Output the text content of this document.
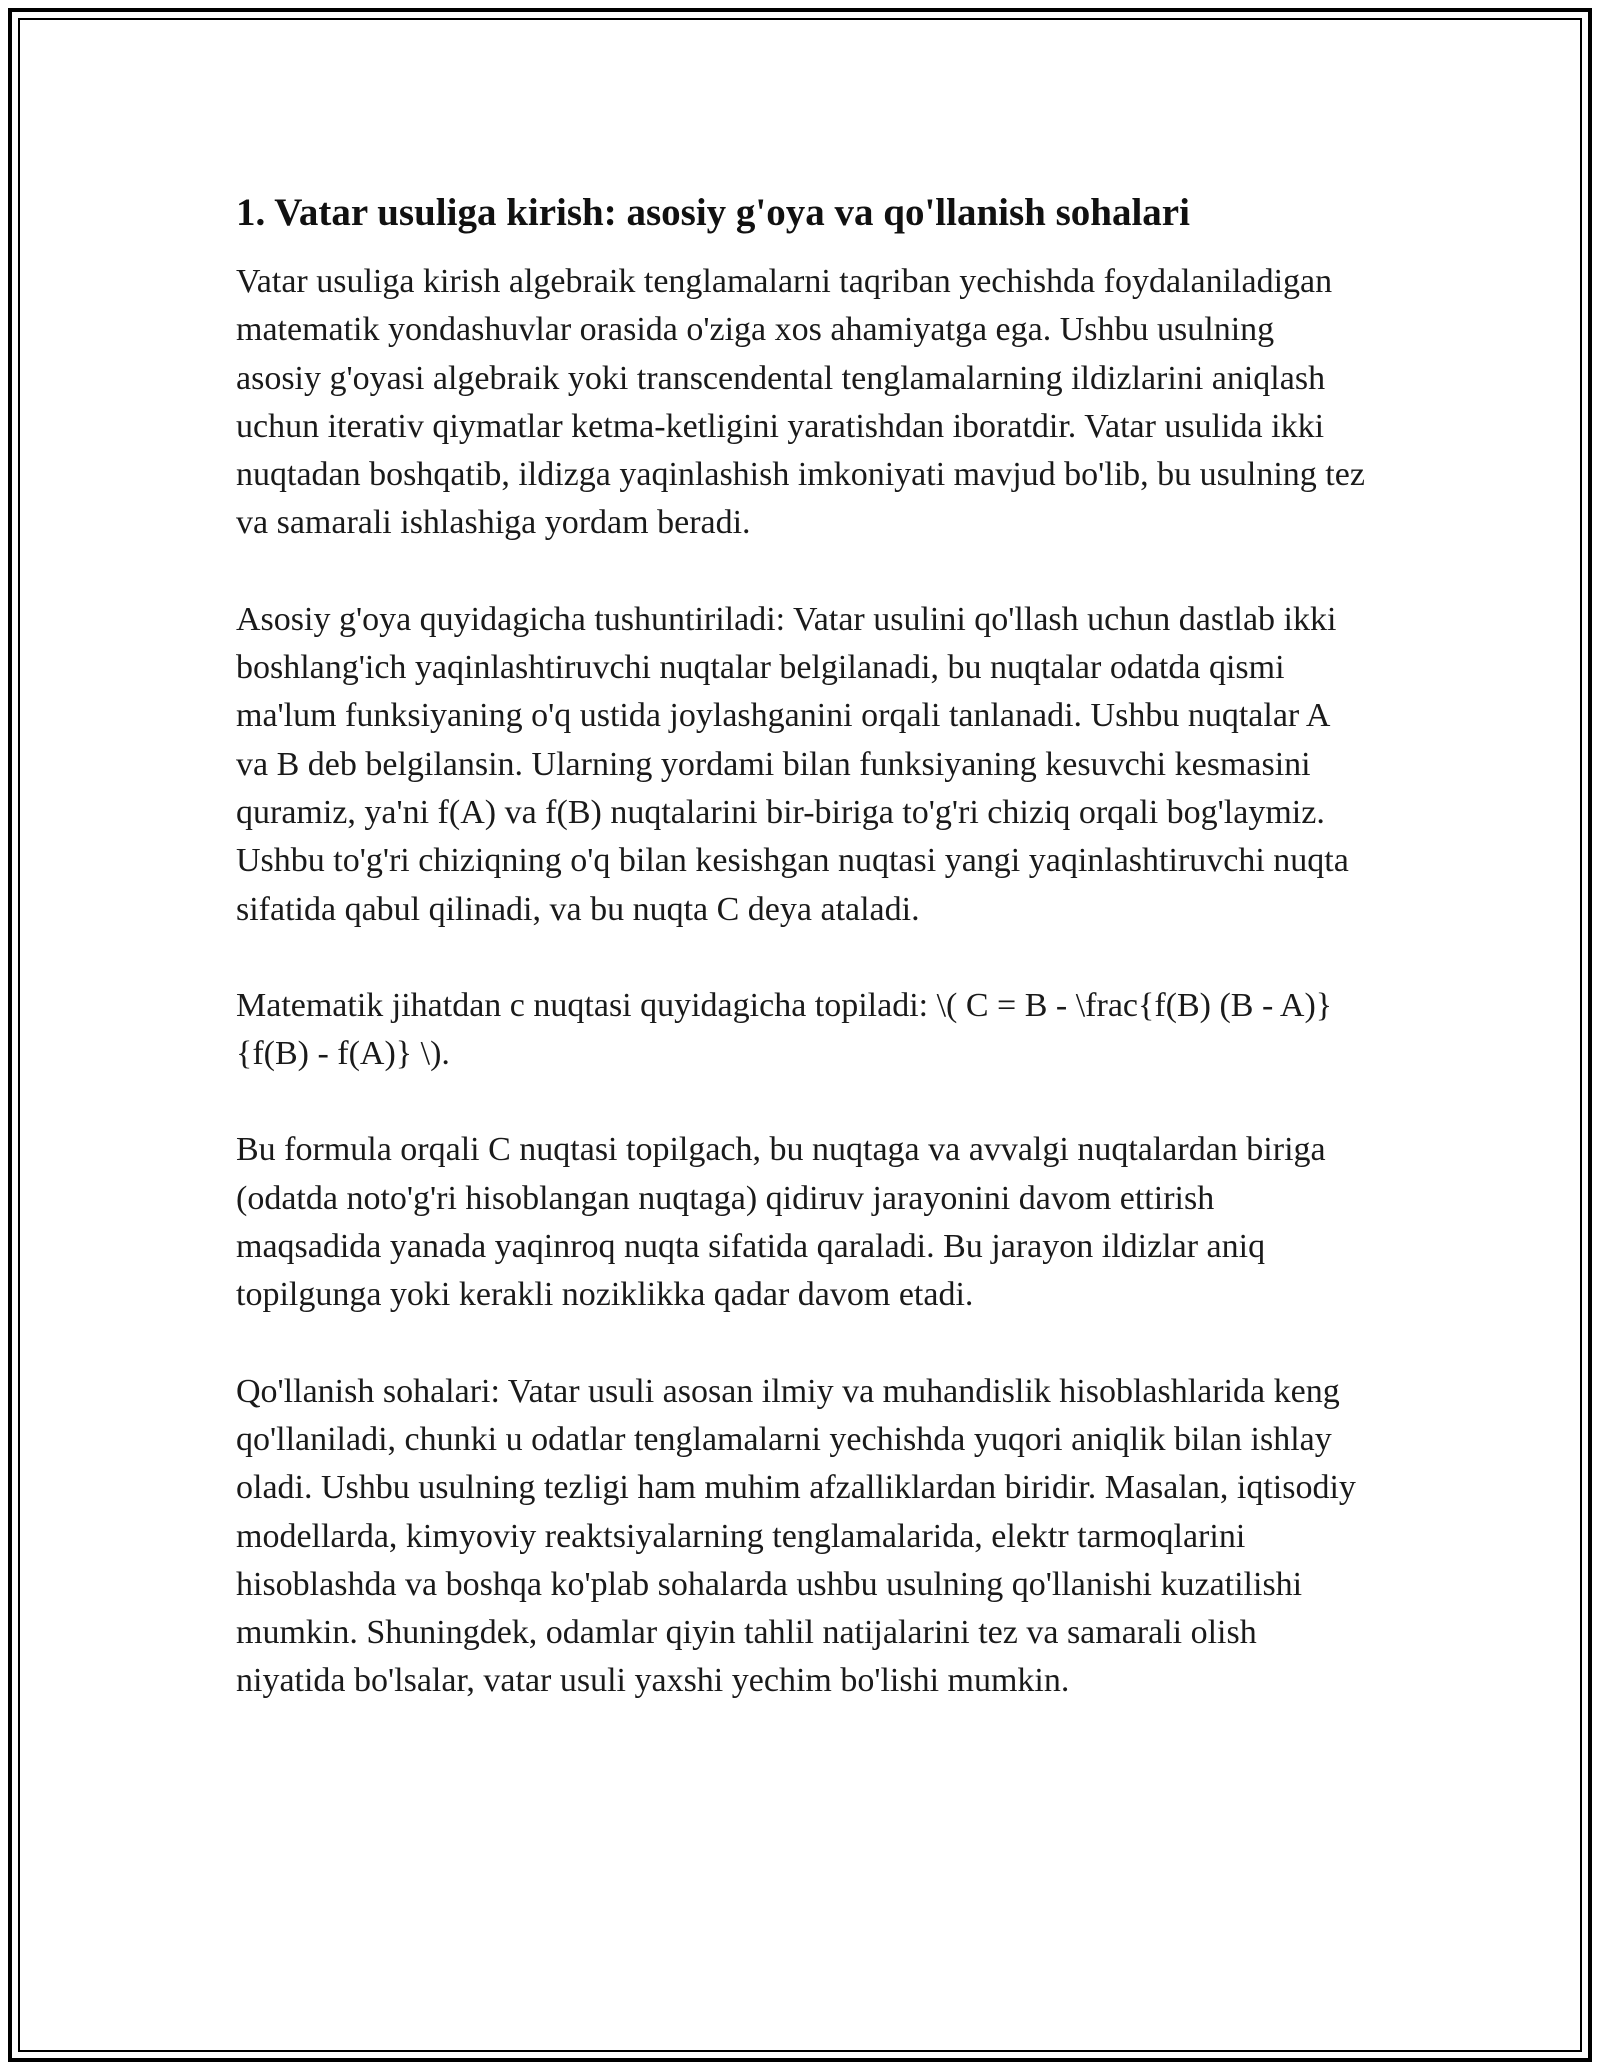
1. Vatar usuliga kirish: asosiy g'oya va qo'llanish sohalari

Vatar usuliga kirish algebraik tenglamalarni taqriban yechishda foydalaniladigan matematik yondashuvlar orasida o'ziga xos ahamiyatga ega. Ushbu usulning asosiy g'oyasi algebraik yoki transcendental tenglamalarning ildizlarini aniqlash uchun iterativ qiymatlar ketma-ketligini yaratishdan iboratdir. Vatar usulida ikki nuqtadan boshqatib, ildizga yaqinlashish imkoniyati mavjud bo'lib, bu usulning tez va samarali ishlashiga yordam beradi.

Asosiy g'oya quyidagicha tushuntiriladi: Vatar usulini qo'llash uchun dastlab ikki boshlang'ich yaqinlashtiruvchi nuqtalar belgilanadi, bu nuqtalar odatda qismi ma'lum funksiyaning o'q ustida joylashganini orqali tanlanadi. Ushbu nuqtalar A va B deb belgilansin. Ularning yordami bilan funksiyaning kesuvchi kesmasini quramiz, ya'ni f(A) va f(B) nuqtalarini bir-biriga to'g'ri chiziq orqali bog'laymiz. Ushbu to'g'ri chiziqning o'q bilan kesishgan nuqtasi yangi yaqinlashtiruvchi nuqta sifatida qabul qilinadi, va bu nuqta C deya ataladi.

Matematik jihatdan c nuqtasi quyidagicha topiladi: \( C = B - \frac{f(B) (B - A)}{f(B) - f(A)} \).

Bu formula orqali C nuqtasi topilgach, bu nuqtaga va avvalgi nuqtalardan biriga (odatda noto'g'ri hisoblangan nuqtaga) qidiruv jarayonini davom ettirish maqsadida yanada yaqinroq nuqta sifatida qaraladi. Bu jarayon ildizlar aniq topilgunga yoki kerakli noziklikka qadar davom etadi.

Qo'llanish sohalari: Vatar usuli asosan ilmiy va muhandislik hisoblashlarida keng qo'llaniladi, chunki u odatlar tenglamalarni yechishda yuqori aniqlik bilan ishlay oladi. Ushbu usulning tezligi ham muhim afzalliklardan biridir. Masalan, iqtisodiy modellarda, kimyoviy reaktsiyalarning tenglamalarida, elektr tarmoqlarini hisoblashda va boshqa ko'plab sohalarda ushbu usulning qo'llanishi kuzatilishi mumkin. Shuningdek, odamlar qiyin tahlil natijalarini tez va samarali olish niyatida bo'lsalar, vatar usuli yaxshi yechim bo'lishi mumkin.
